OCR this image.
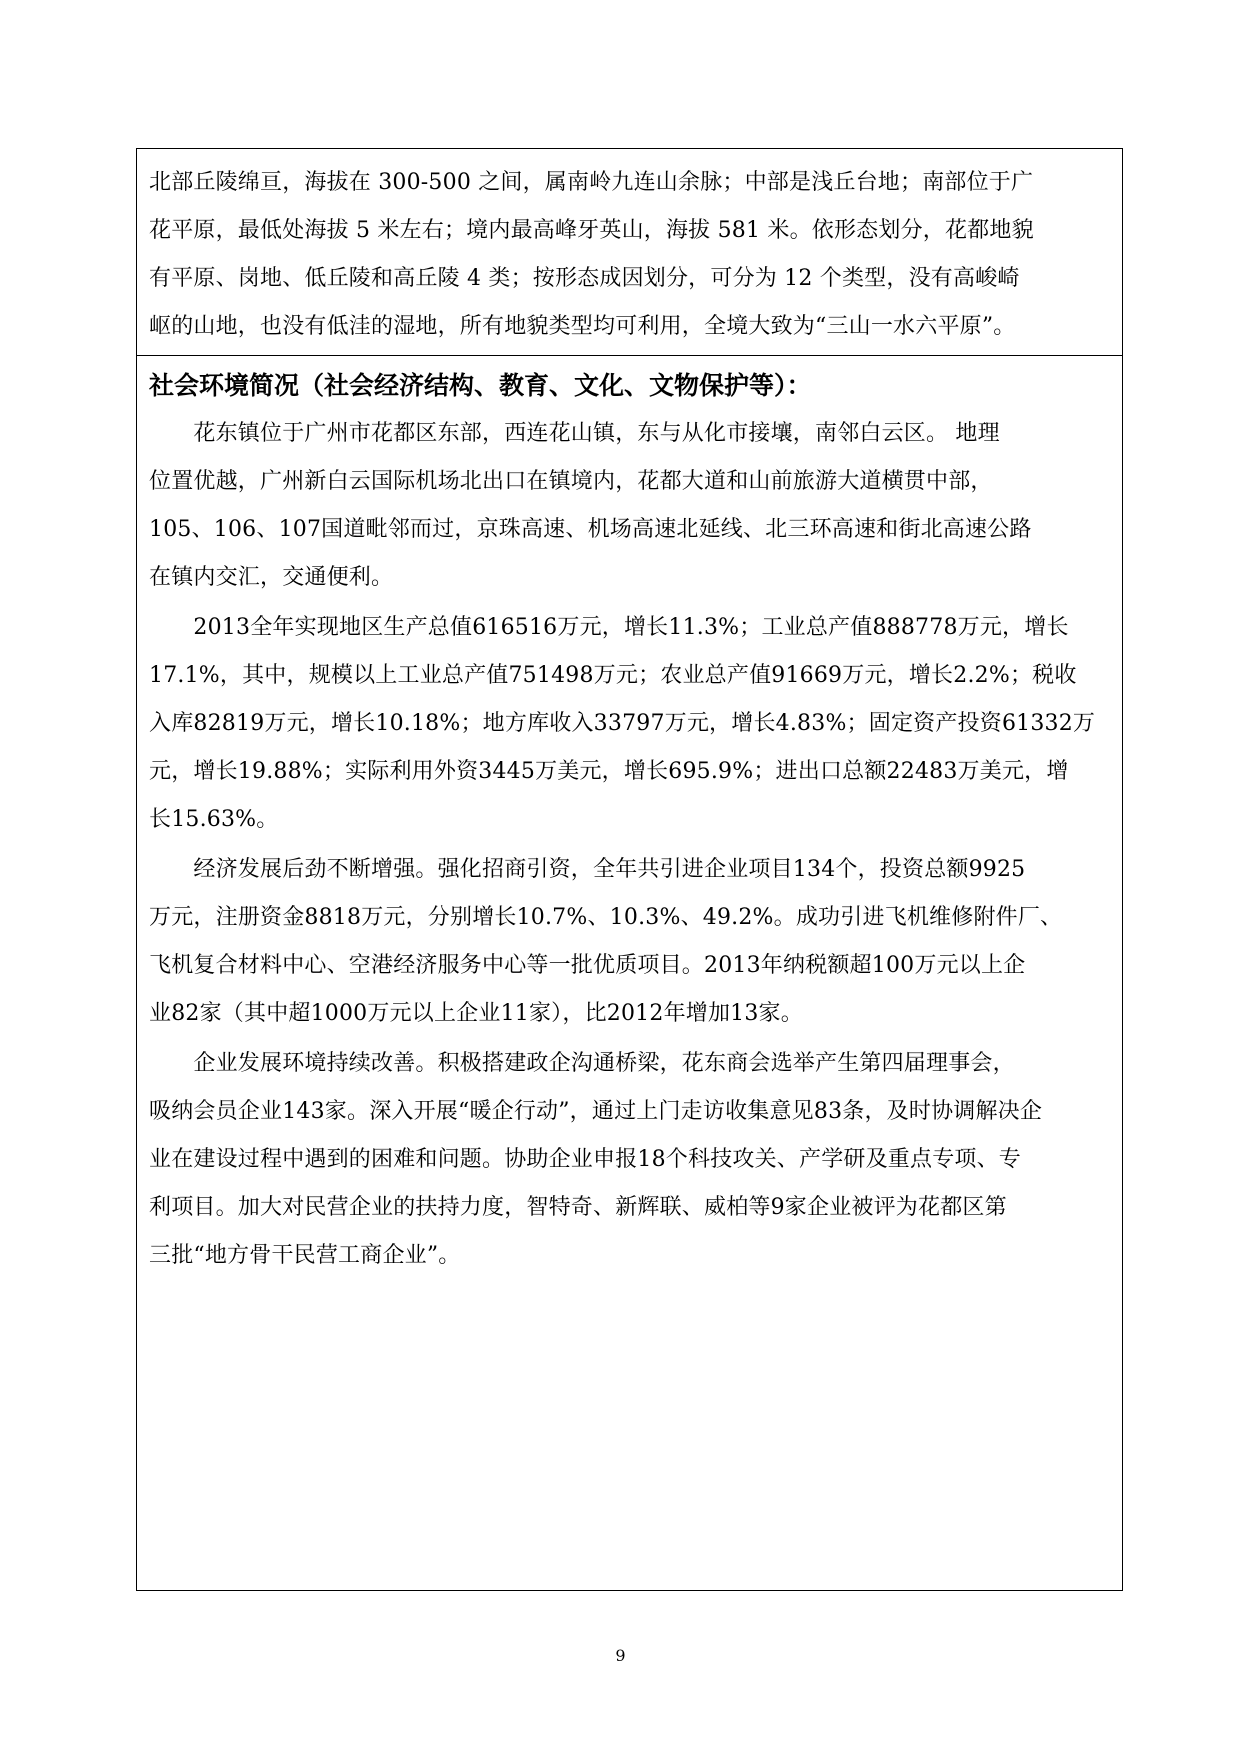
北部丘陵绵亘，海拔在 300-500 之间，属南岭九连山余脉；中部是浅丘台地；南部位于广

花平原，最低处海拔 5 米左右；境内最高峰牙英山，海拔 581 米。依形态划分，花都地貌

有平原、岗地、低丘陵和高丘陵 4 类；按形态成因划分，可分为 12 个类型，没有高峻崎

岖的山地，也没有低洼的湿地，所有地貌类型均可利用，全境大致为“三山一水六平原”。

社会环境简况（社会经济结构、教育、文化、文物保护等）：

　　花东镇位于广州市花都区东部，西连花山镇，东与从化市接壤，南邻白云区。 地理

位置优越，广州新白云国际机场北出口在镇境内，花都大道和山前旅游大道横贯中部，

105、106、107国道毗邻而过，京珠高速、机场高速北延线、北三环高速和街北高速公路

在镇内交汇，交通便利。

　　2013全年实现地区生产总值616516万元，增长11.3%；工业总产值888778万元，增长

17.1%，其中，规模以上工业总产值751498万元；农业总产值91669万元，增长2.2%；税收

入库82819万元，增长10.18%；地方库收入33797万元，增长4.83%；固定资产投资61332万

元，增长19.88%；实际利用外资3445万美元，增长695.9%；进出口总额22483万美元，增

长15.63%。

　　经济发展后劲不断增强。强化招商引资，全年共引进企业项目134个，投资总额9925

万元，注册资金8818万元，分别增长10.7%、10.3%、49.2%。成功引进飞机维修附件厂、

飞机复合材料中心、空港经济服务中心等一批优质项目。2013年纳税额超100万元以上企

业82家（其中超1000万元以上企业11家），比2012年增加13家。

　　企业发展环境持续改善。积极搭建政企沟通桥梁，花东商会选举产生第四届理事会，

吸纳会员企业143家。深入开展“暖企行动”，通过上门走访收集意见83条，及时协调解决企

业在建设过程中遇到的困难和问题。协助企业申报18个科技攻关、产学研及重点专项、专

利项目。加大对民营企业的扶持力度，智特奇、新辉联、威柏等9家企业被评为花都区第

三批“地方骨干民营工商企业”。

9
